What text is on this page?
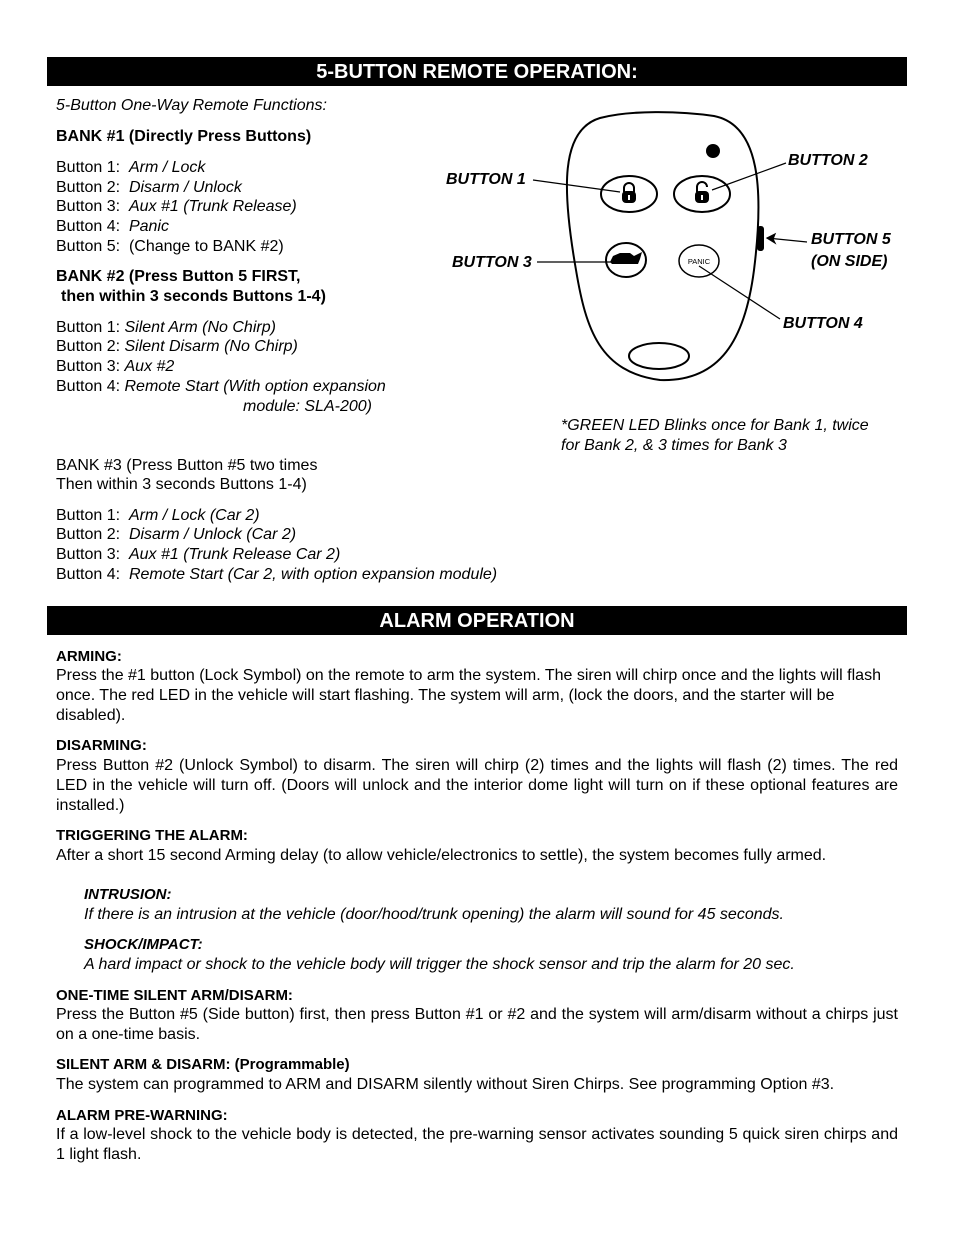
5-BUTTON REMOTE OPERATION:
5-Button One-Way Remote Functions:
BANK #1 (Directly Press Buttons)
Button 1: Arm / Lock
Button 2: Disarm / Unlock
Button 3: Aux #1 (Trunk Release)
Button 4: Panic
Button 5: (Change to BANK #2)
BANK #2 (Press Button 5 FIRST,
then within 3 seconds Buttons 1-4)
Button 1: Silent Arm (No Chirp)
Button 2: Silent Disarm (No Chirp)
Button 3: Aux #2
Button 4: Remote Start (With option expansion
module: SLA-200)
BANK #3 (Press Button #5 two times
Then within 3 seconds Buttons 1-4)
Button 1: Arm / Lock (Car 2)
Button 2: Disarm / Unlock (Car 2)
Button 3: Aux #1 (Trunk Release Car 2)
Button 4: Remote Start (Car 2, with option expansion module)
PANIC
BUTTON 1
BUTTON 2
BUTTON 3
BUTTON 4
BUTTON 5
(ON SIDE)
*GREEN LED Blinks once for Bank 1, twice
for Bank 2, & 3 times for Bank 3
ALARM OPERATION
ARMING:
Press the #1 button (Lock Symbol) on the remote to arm the system. The siren will chirp once and the lights will flash once. The red LED in the vehicle will start flashing. The system will arm, (lock the doors, and the starter will be disabled).
DISARMING:
Press Button #2 (Unlock Symbol) to disarm. The siren will chirp (2) times and the lights will flash (2) times. The red LED in the vehicle will turn off. (Doors will unlock and the interior dome light will turn on if these optional features are installed.)
TRIGGERING THE ALARM:
After a short 15 second Arming delay (to allow vehicle/electronics to settle), the system becomes fully armed.
INTRUSION:
If there is an intrusion at the vehicle (door/hood/trunk opening) the alarm will sound for 45 seconds.
SHOCK/IMPACT:
A hard impact or shock to the vehicle body will trigger the shock sensor and trip the alarm for 20 sec.
ONE-TIME SILENT ARM/DISARM:
Press the Button #5 (Side button) first, then press Button #1 or #2 and the system will arm/disarm without a chirps just on a one-time basis.
SILENT ARM & DISARM: (Programmable)
The system can programmed to ARM and DISARM silently without Siren Chirps. See programming Option #3.
ALARM PRE-WARNING:
If a low-level shock to the vehicle body is detected, the pre-warning sensor activates sounding 5 quick siren chirps and 1 light flash.
